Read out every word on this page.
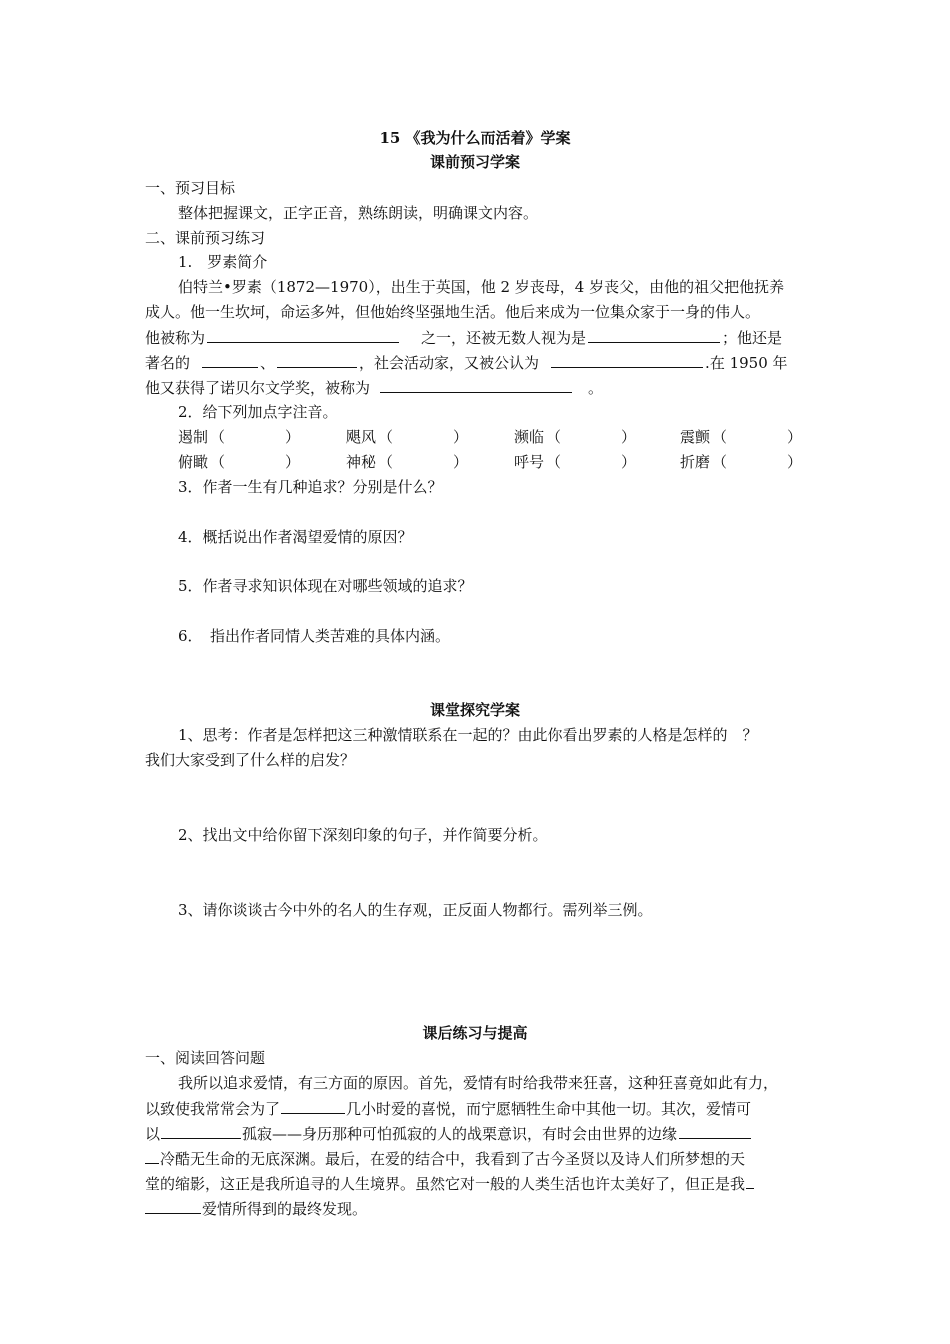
15 《我为什么而活着》学案
课前预习学案
一、预习目标
整体把握课文，正字正音，熟练朗读，明确课文内容。
二、课前预习练习
1.　罗素简介
伯特兰•罗素（1872—1970），出生于英国，他 2 岁丧母，4 岁丧父，由他的祖父把他抚养
成人。他一生坎坷，命运多舛，但他始终坚强地生活。他后来成为一位集众家于一身的伟人。
他被称为	之一，还被无数人视为是	；他还是
著名的	、	，社会活动家，又被公认为	.在 1950 年
他又获得了诺贝尔文学奖，被称为	。
2．给下列加点字注音。
遏制 （　　　　）	飓风 （　　　　）	濒临 （　　　　）	震颤 （　　　　）
俯瞰 （　　　　）	神秘 （　　　　）	呼号 （　　　　）	折磨 （　　　　）
3．作者一生有几种追求？分别是什么？
4．概括说出作者渴望爱情的原因？
5．作者寻求知识体现在对哪些领域的追求？
6．　指出作者同情人类苦难的具体内涵。
课堂探究学案
1、思考：作者是怎样把这三种激情联系在一起的？由此你看出罗素的人格是怎样的　？
我们大家受到了什么样的启发？
2、找出文中给你留下深刻印象的句子，并作简要分析。
3、请你谈谈古今中外的名人的生存观，正反面人物都行。需列举三例。
课后练习与提高
一、阅读回答问题
我所以追求爱情，有三方面的原因。首先，爱情有时给我带来狂喜，这种狂喜竟如此有力，
以致使我常常会为了	几小时爱的喜悦，而宁愿牺牲生命中其他一切。其次，爱情可
以	孤寂——身历那种可怕孤寂的人的战栗意识，有时会由世界的边缘
冷酷无生命的无底深渊。最后，在爱的结合中，我看到了古今圣贤以及诗人们所梦想的天
堂的缩影，这正是我所追寻的人生境界。虽然它对一般的人类生活也许太美好了，但正是我
爱情所得到的最终发现。
